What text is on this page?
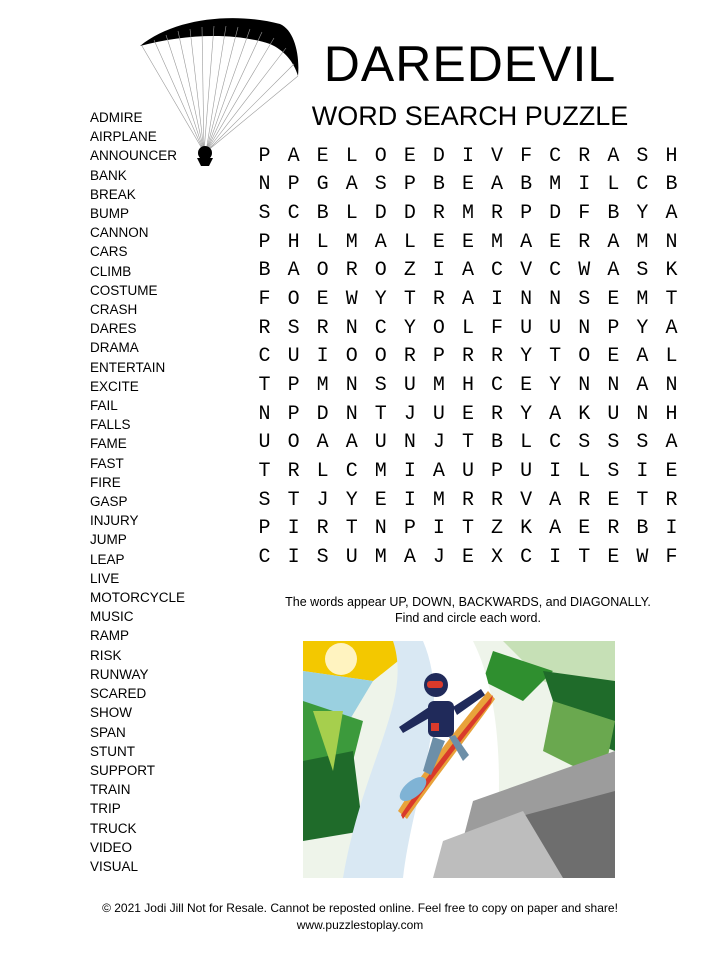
DAREDEVIL
WORD SEARCH PUZZLE
ADMIRE
AIRPLANE
ANNOUNCER
BANK
BREAK
BUMP
CANNON
CARS
CLIMB
COSTUME
CRASH
DARES
DRAMA
ENTERTAIN
EXCITE
FAIL
FALLS
FAME
FAST
FIRE
GASP
INJURY
JUMP
LEAP
LIVE
MOTORCYCLE
MUSIC
RAMP
RISK
RUNWAY
SCARED
SHOW
SPAN
STUNT
SUPPORT
TRAIN
TRIP
TRUCK
VIDEO
VISUAL
P A E L O E D I V F C R A S H
N P G A S P B E A B M I L C B
S C B L D D R M R P D F B Y A
P H L M A L E E M A E R A M N
B A O R O Z I A C V C W A S K
F O E W Y T R A I N N S E M T
R S R N C Y O L F U U N P Y A
C U I O O R P R R Y T O E A L
T P M N S U M H C E Y N N A N
N P D N T J U E R Y A K U N H
U O A A U N J T B L C S S S A
T R L C M I A U P U I L S I E
S T J Y E I M R R V A R E T R
P I R T N P I T Z K A E R B I
C I S U M A J E X C I T E W F
The words appear UP, DOWN, BACKWARDS, and DIAGONALLY.
Find and circle each word.
© 2021 Jodi Jill Not for Resale. Cannot be reposted online. Feel free to copy on paper and share!
www.puzzlestoplay.com
